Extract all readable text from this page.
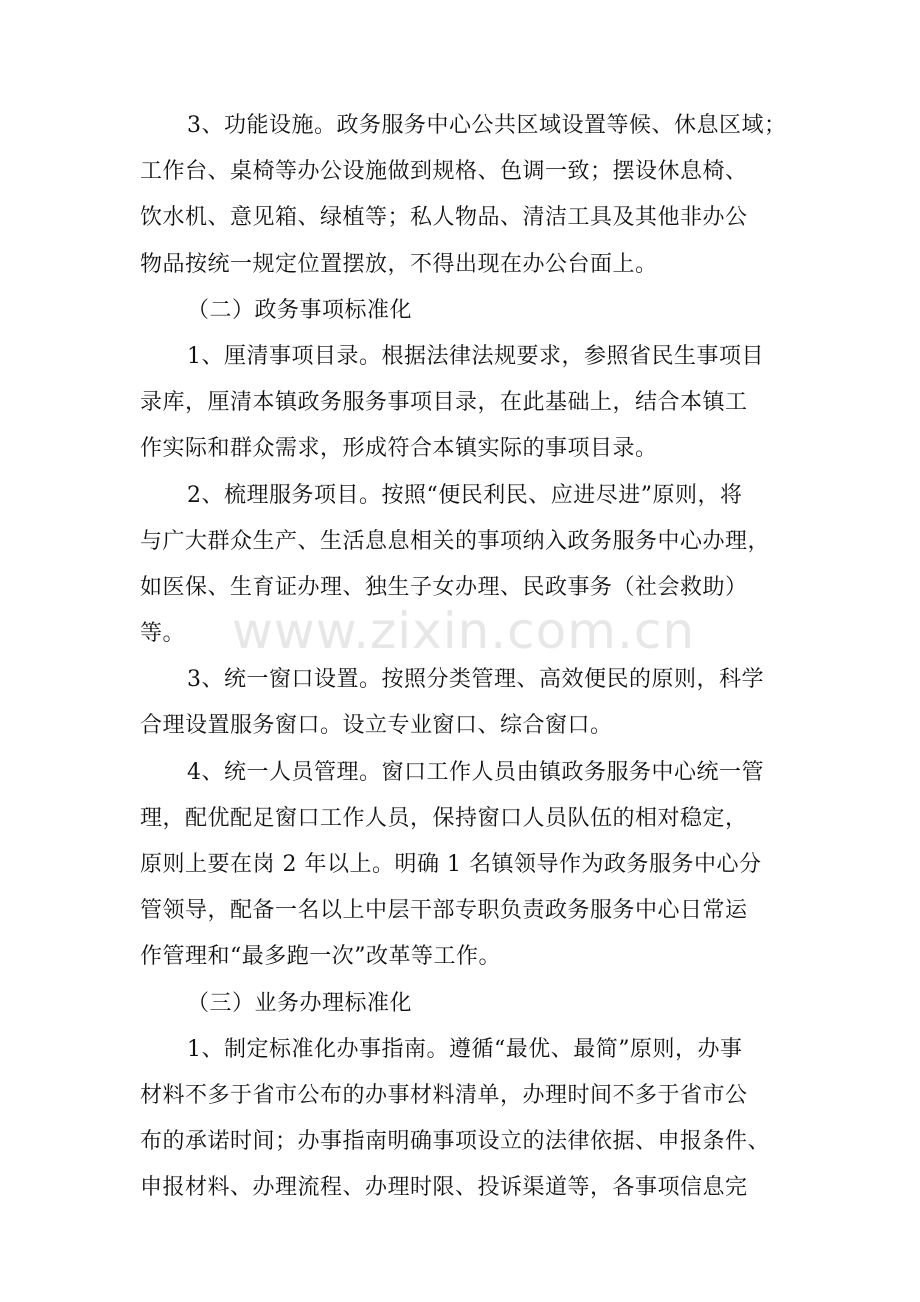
3、功能设施。政务服务中心公共区域设置等候、休息区域；
工作台、桌椅等办公设施做到规格、色调一致；摆设休息椅、
饮水机、意见箱、绿植等；私人物品、清洁工具及其他非办公
物品按统一规定位置摆放，不得出现在办公台面上。
（二）政务事项标准化
1、厘清事项目录。根据法律法规要求，参照省民生事项目
录库，厘清本镇政务服务事项目录，在此基础上，结合本镇工
作实际和群众需求，形成符合本镇实际的事项目录。
2、梳理服务项目。按照“便民利民、应进尽进”原则，将
与广大群众生产、生活息息相关的事项纳入政务服务中心办理，
如医保、生育证办理、独生子女办理、民政事务（社会救助）
等。
3、统一窗口设置。按照分类管理、高效便民的原则，科学
合理设置服务窗口。设立专业窗口、综合窗口。
4、统一人员管理。窗口工作人员由镇政务服务中心统一管
理，配优配足窗口工作人员，保持窗口人员队伍的相对稳定，
原则上要在岗 2 年以上。明确 1 名镇领导作为政务服务中心分
管领导，配备一名以上中层干部专职负责政务服务中心日常运
作管理和“最多跑一次”改革等工作。
（三）业务办理标准化
1、制定标准化办事指南。遵循“最优、最简”原则，办事
材料不多于省市公布的办事材料清单，办理时间不多于省市公
布的承诺时间；办事指南明确事项设立的法律依据、申报条件、
申报材料、办理流程、办理时限、投诉渠道等，各事项信息完
www.zixin.com.cn
